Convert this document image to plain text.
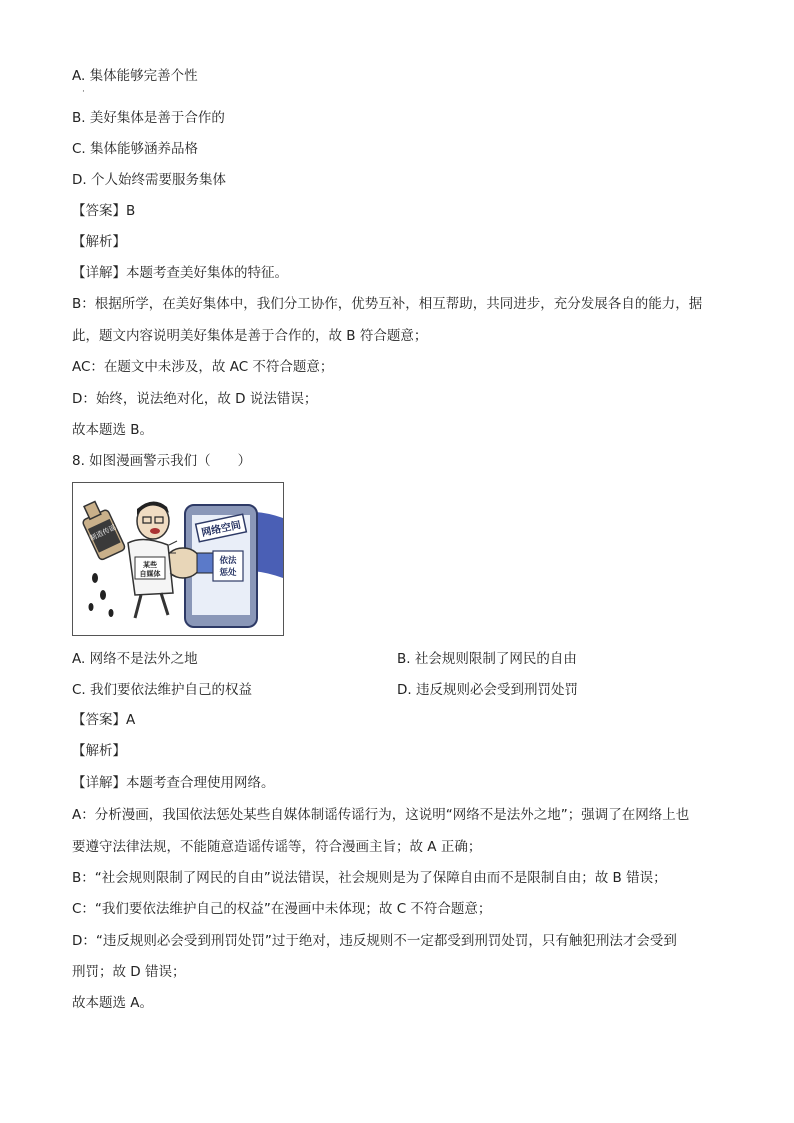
A. 集体能够完善个性
·
B. 美好集体是善于合作的
C. 集体能够涵养品格
D. 个人始终需要服务集体
【答案】B
【解析】
【详解】本题考查美好集体的特征。
B：根据所学，在美好集体中，我们分工协作，优势互补，相互帮助，共同进步，充分发展各自的能力，据
此，题文内容说明美好集体是善于合作的，故 B 符合题意；
AC：在题文中未涉及，故 AC 不符合题意；
D：始终，说法绝对化，故 D 说法错误；
故本题选 B。
8. 如图漫画警示我们（　　）
网络空间
依法
惩处
某些
自媒体
制造传谣
A. 网络不是法外之地	B. 社会规则限制了网民的自由
C. 我们要依法维护自己的权益	D. 违反规则必会受到刑罚处罚
【答案】A
【解析】
【详解】本题考查合理使用网络。
A：分析漫画，我国依法惩处某些自媒体制谣传谣行为，这说明“网络不是法外之地”；强调了在网络上也
要遵守法律法规，不能随意造谣传谣等，符合漫画主旨；故 A 正确；
B：“社会规则限制了网民的自由”说法错误，社会规则是为了保障自由而不是限制自由；故 B 错误；
C：“我们要依法维护自己的权益”在漫画中未体现；故 C 不符合题意；
D：“违反规则必会受到刑罚处罚”过于绝对，违反规则不一定都受到刑罚处罚，只有触犯刑法才会受到
刑罚；故 D 错误；
故本题选 A。
